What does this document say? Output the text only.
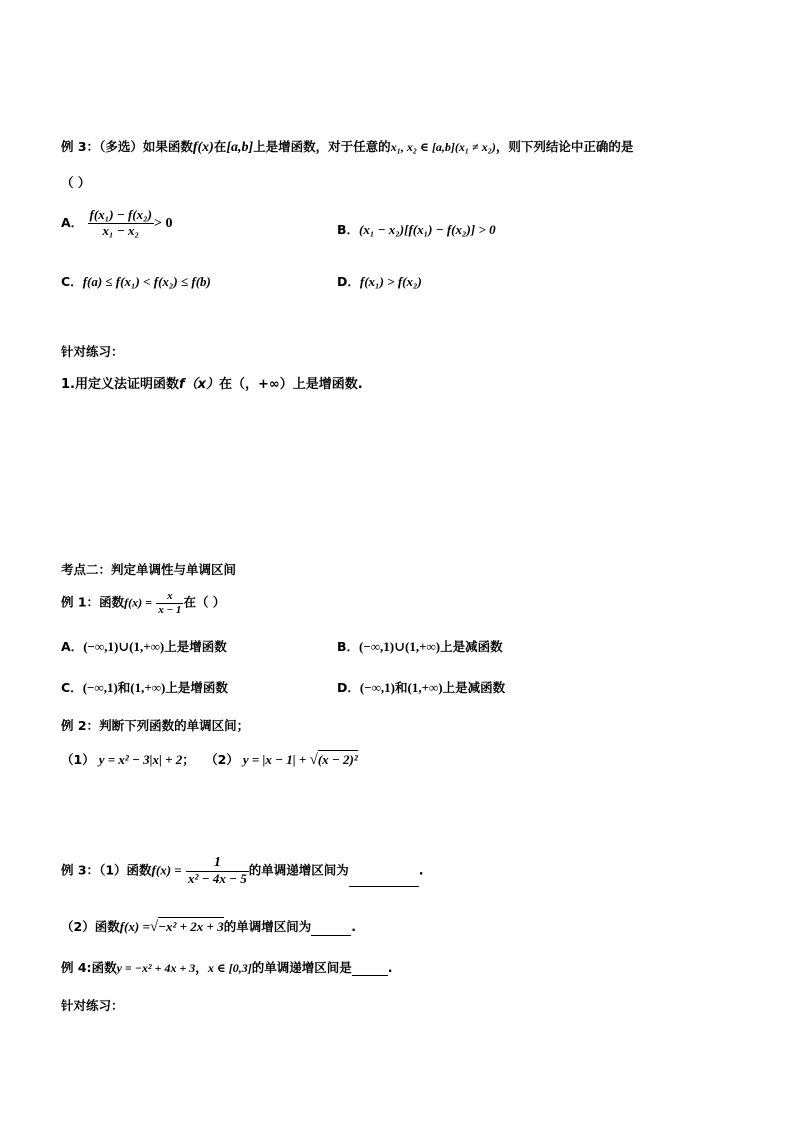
例 3：（多选）如果函数f(x)在[a,b]上是增函数，对于任意的x₁, x₂ ∈ [a,b](x₁ ≠ x₂)，则下列结论中正确的是
（ ）
A． $\frac{\text{f(x₁) − f(x₂)}}{\text{x₁ − x₂}} > 0$	B．(x₁ − x₂)[f(x₁) − f(x₂)] > 0
C．f(a) ≤ f(x₁) < f(x₂) ≤ f(b)	D．f(x₁) > f(x₂)
针对练习：
1.用定义法证明函数f（x）在（，+∞）上是增函数.
考点二：判定单调性与单调区间
例 1：函数$f(x) = \frac{x}{x - 1}$ 在（ ）
A．(−∞,1)∪(1,+∞)上是增函数	B．(−∞,1)∪(1,+∞)上是减函数
C．(−∞,1)和(1,+∞)上是增函数	D．(−∞,1)和(1,+∞)上是减函数
例 2：判断下列函数的单调区间；
（1） y = x² − 3|x| + 2； （2） y = |x − 1| + √(x − 2)²
例 3：（1）函数$f(x) = \frac{1}{\text{x² − 4x − 5}}$ 的单调递增区间为	.
（2）函数f(x) =√−x² + 2x + 3的单调增区间为	.
例 4:函数y = −x² + 4x + 3，x ∈ [0,3]的单调递增区间是	.
针对练习：
